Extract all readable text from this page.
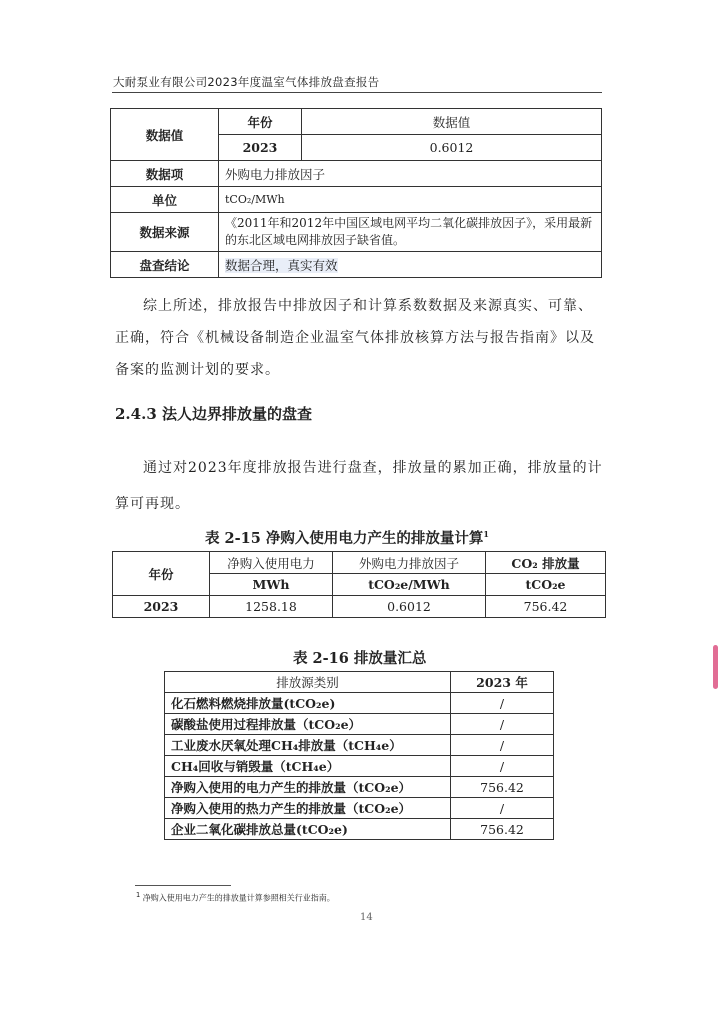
大耐泵业有限公司2023年度温室气体排放盘查报告
数据值	年份	数据值
	2023	0.6012
数据项	外购电力排放因子	
单位	tCO₂/MWh	
数据来源	《2011年和2012年中国区域电网平均二氧化碳排放因子》，采用最新的东北区域电网排放因子缺省值。	
盘查结论	数据合理，真实有效	
综上所述，排放报告中排放因子和计算系数数据及来源真实、可靠、正确，符合《机械设备制造企业温室气体排放核算方法与报告指南》以及备案的监测计划的要求。
2.4.3 法人边界排放量的盘查
通过对2023年度排放报告进行盘查，排放量的累加正确，排放量的计算可再现。
表 2-15 净购入使用电力产生的排放量计算$^1$
年份	净购入使用电力	外购电力排放因子	CO₂ 排放量
	MWh	tCO₂e/MWh	tCO₂e
2023	1258.18	0.6012	756.42
表 2-16 排放量汇总
排放源类别	2023 年
化石燃料燃烧排放量(tCO₂e)	/
碳酸盐使用过程排放量（tCO₂e）	/
工业废水厌氧处理CH₄排放量（tCH₄e）	/
CH₄回收与销毁量（tCH₄e）	/
净购入使用的电力产生的排放量（tCO₂e）	756.42
净购入使用的热力产生的排放量（tCO₂e）	/
企业二氧化碳排放总量(tCO₂e)	756.42
$^1$ 净购入使用电力产生的排放量计算参照相关行业指南。
14
